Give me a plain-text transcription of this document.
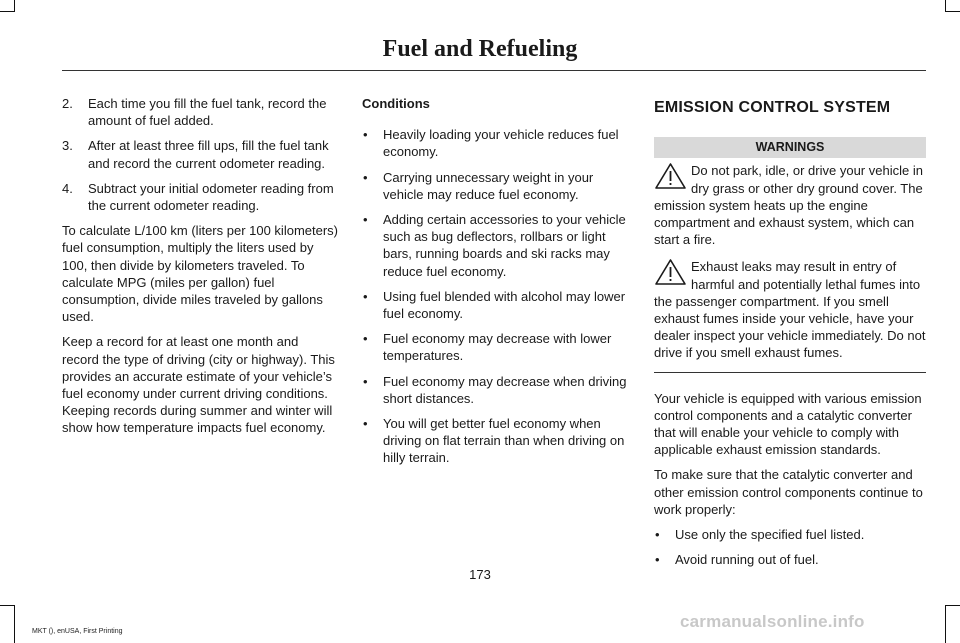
Fuel and Refueling
2. Each time you fill the fuel tank, record the amount of fuel added.
3. After at least three fill ups, fill the fuel tank and record the current odometer reading.
4. Subtract your initial odometer reading from the current odometer reading.

To calculate L/100 km (liters per 100 kilometers) fuel consumption, multiply the liters used by 100, then divide by kilometers traveled. To calculate MPG (miles per gallon) fuel consumption, divide miles traveled by gallons used.

Keep a record for at least one month and record the type of driving (city or highway). This provides an accurate estimate of your vehicle’s fuel economy under current driving conditions. Keeping records during summer and winter will show how temperature impacts fuel economy.

Conditions
• Heavily loading your vehicle reduces fuel economy.
• Carrying unnecessary weight in your vehicle may reduce fuel economy.
• Adding certain accessories to your vehicle such as bug deflectors, rollbars or light bars, running boards and ski racks may reduce fuel economy.
• Using fuel blended with alcohol may lower fuel economy.
• Fuel economy may decrease with lower temperatures.
• Fuel economy may decrease when driving short distances.
• You will get better fuel economy when driving on flat terrain than when driving on hilly terrain.
EMISSION CONTROL SYSTEM
WARNINGS
Do not park, idle, or drive your vehicle in dry grass or other dry ground cover. The emission system heats up the engine compartment and exhaust system, which can start a fire.
Exhaust leaks may result in entry of harmful and potentially lethal fumes into the passenger compartment. If you smell exhaust fumes inside your vehicle, have your dealer inspect your vehicle immediately. Do not drive if you smell exhaust fumes.

Your vehicle is equipped with various emission control components and a catalytic converter that will enable your vehicle to comply with applicable exhaust emission standards.

To make sure that the catalytic converter and other emission control components continue to work properly:

• Use only the specified fuel listed.
• Avoid running out of fuel.
173
MKT (), enUSA, First Printing
carmanualsonline.info
